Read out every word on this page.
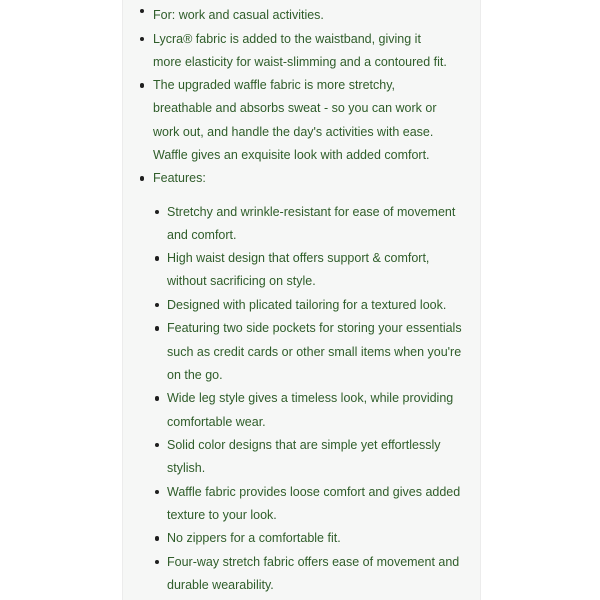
For: work and casual activities.
Lycra® fabric is added to the waistband, giving it more elasticity for waist-slimming and a contoured fit.
The upgraded waffle fabric is more stretchy, breathable and absorbs sweat - so you can work or work out, and handle the day's activities with ease. Waffle gives an exquisite look with added comfort.
Features:
Stretchy and wrinkle-resistant for ease of movement and comfort.
High waist design that offers support & comfort, without sacrificing on style.
Designed with plicated tailoring for a textured look.
Featuring two side pockets for storing your essentials such as credit cards or other small items when you're on the go.
Wide leg style gives a timeless look, while providing comfortable wear.
Solid color designs that are simple yet effortlessly stylish.
Waffle fabric provides loose comfort and gives added texture to your look.
No zippers for a comfortable fit.
Four-way stretch fabric offers ease of movement and durable wearability.
